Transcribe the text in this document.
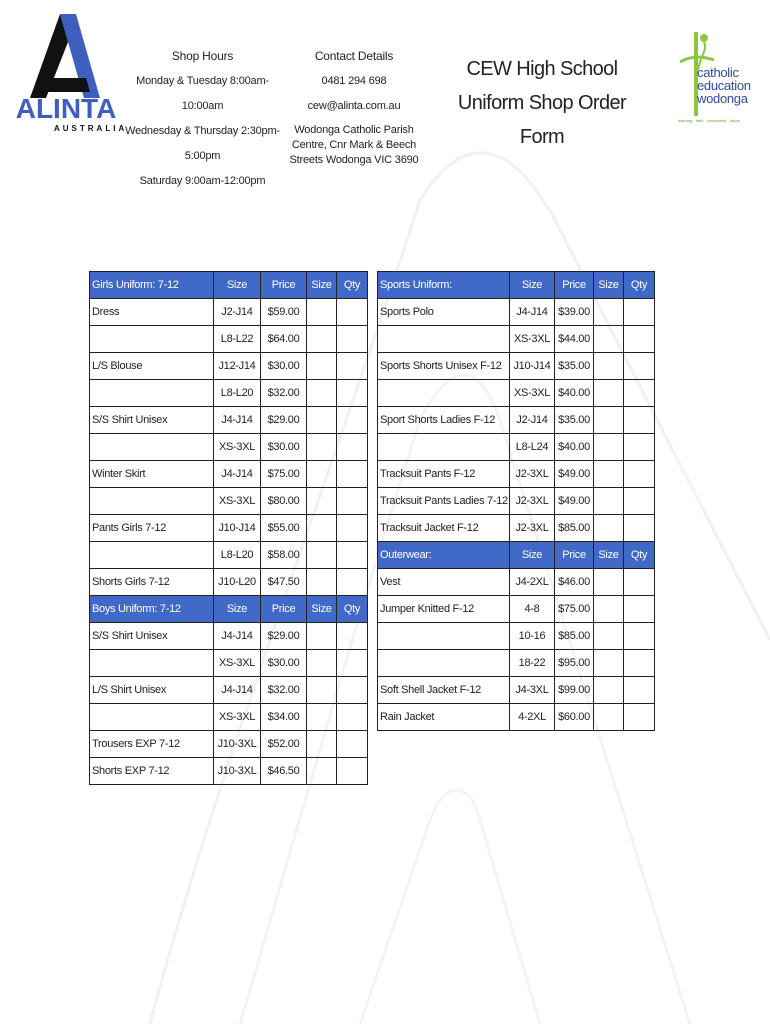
ALINTA
AUSTRALIA
Shop Hours
Monday & Tuesday 8:00am-10:00am
Wednesday & Thursday 2:30pm-5:00pm
Saturday 9:00am-12:00pm
Contact Details
0481 294 698
cew@alinta.com.au
Wodonga Catholic Parish Centre, Cnr Mark & Beech Streets Wodonga VIC 3690
CEW High School
Uniform Shop Order Form
catholic
education
wodonga
learning · faith · community · future
Girls Uniform: 7-12	Size	Price	Size	Qty
Dress	J2-J14	$59.00		
	L8-L22	$64.00		
L/S Blouse	J12-J14	$30.00		
	L8-L20	$32.00		
S/S Shirt Unisex	J4-J14	$29.00		
	XS-3XL	$30.00		
Winter Skirt	J4-J14	$75.00		
	XS-3XL	$80.00		
Pants Girls 7-12	J10-J14	$55.00		
	L8-L20	$58.00		
Shorts Girls 7-12	J10-L20	$47.50		
Boys Uniform: 7-12	Size	Price	Size	Qty
S/S Shirt Unisex	J4-J14	$29.00		
	XS-3XL	$30.00		
L/S Shirt Unisex	J4-J14	$32.00		
	XS-3XL	$34.00		
Trousers EXP 7-12	J10-3XL	$52.00		
Shorts EXP 7-12	J10-3XL	$46.50		
Sports Uniform:	Size	Price	Size	Qty
Sports Polo	J4-J14	$39.00		
	XS-3XL	$44.00		
Sports Shorts Unisex F-12	J10-J14	$35.00		
	XS-3XL	$40.00		
Sport Shorts Ladies F-12	J2-J14	$35.00		
	L8-L24	$40.00		
Tracksuit Pants F-12	J2-3XL	$49.00		
Tracksuit Pants Ladies 7-12	J2-3XL	$49.00		
Tracksuit Jacket F-12	J2-3XL	$85.00		
Outerwear:	Size	Price	Size	Qty
Vest	J4-2XL	$46.00		
Jumper Knitted F-12	4-8	$75.00		
	10-16	$85.00		
	18-22	$95.00		
Soft Shell Jacket F-12	J4-3XL	$99.00		
Rain Jacket	4-2XL	$60.00		
